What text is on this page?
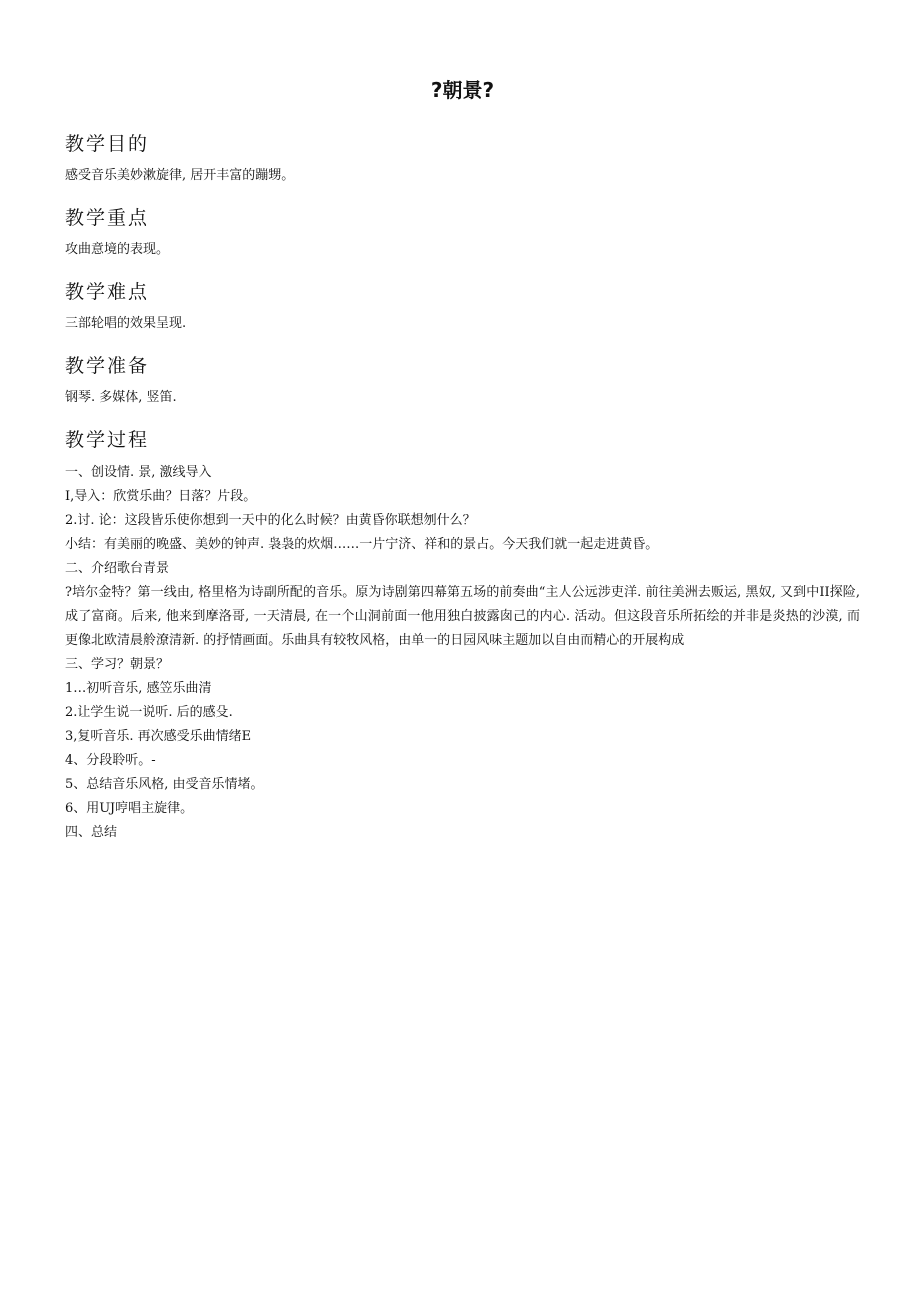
?朝景?
教学目的
感受音乐美妙漱旋律, 居开丰富的蹦甥。
教学重点
攻曲意境的表现。
教学难点
三部轮唱的效果呈现.
教学准备
钢琴. 多媒体, 竖笛.
教学过程
一、创设情. 景, 激线导入
I,导入：欣赏乐曲？日落？片段。
2.讨. 论：这段皆乐使你想到一天中的化么时候？由黄昏你联想刎什么？
小结：有美丽的晚盛、美妙的钟声. 袅袅的炊烟……一片宁济、祥和的景占。今天我们就一起走进黄昏。
二、介绍歌台青景
?培尔金特？第一线由, 格里格为诗副所配的音乐。原为诗剧第四幕第五场的前奏曲“主人公远涉吏洋. 前往美洲去贩运, 黑奴, 又到中II探险, 成了富商。后来, 他来到摩洛哥, 一天清晨, 在一个山洞前面一他用独白披露囱己的内心. 活动。但这段音乐所拓绘的并非是炎热的沙漠, 而更像北欧清晨舲潦清新. 的抒情画面。乐曲具有较牧风格，由单一的日园风味主题加以自由而精心的开展构成
三、学习？朝景？
1…初听音乐, 感笠乐曲清
2.让学生说一说听. 后的感殳.
3,复听音乐. 再次感受乐曲情绪E
4、分段聆听。-
5、总结音乐风格, 由受音乐情堵。
6、用UJ哼唱主旋律。
四、总结
